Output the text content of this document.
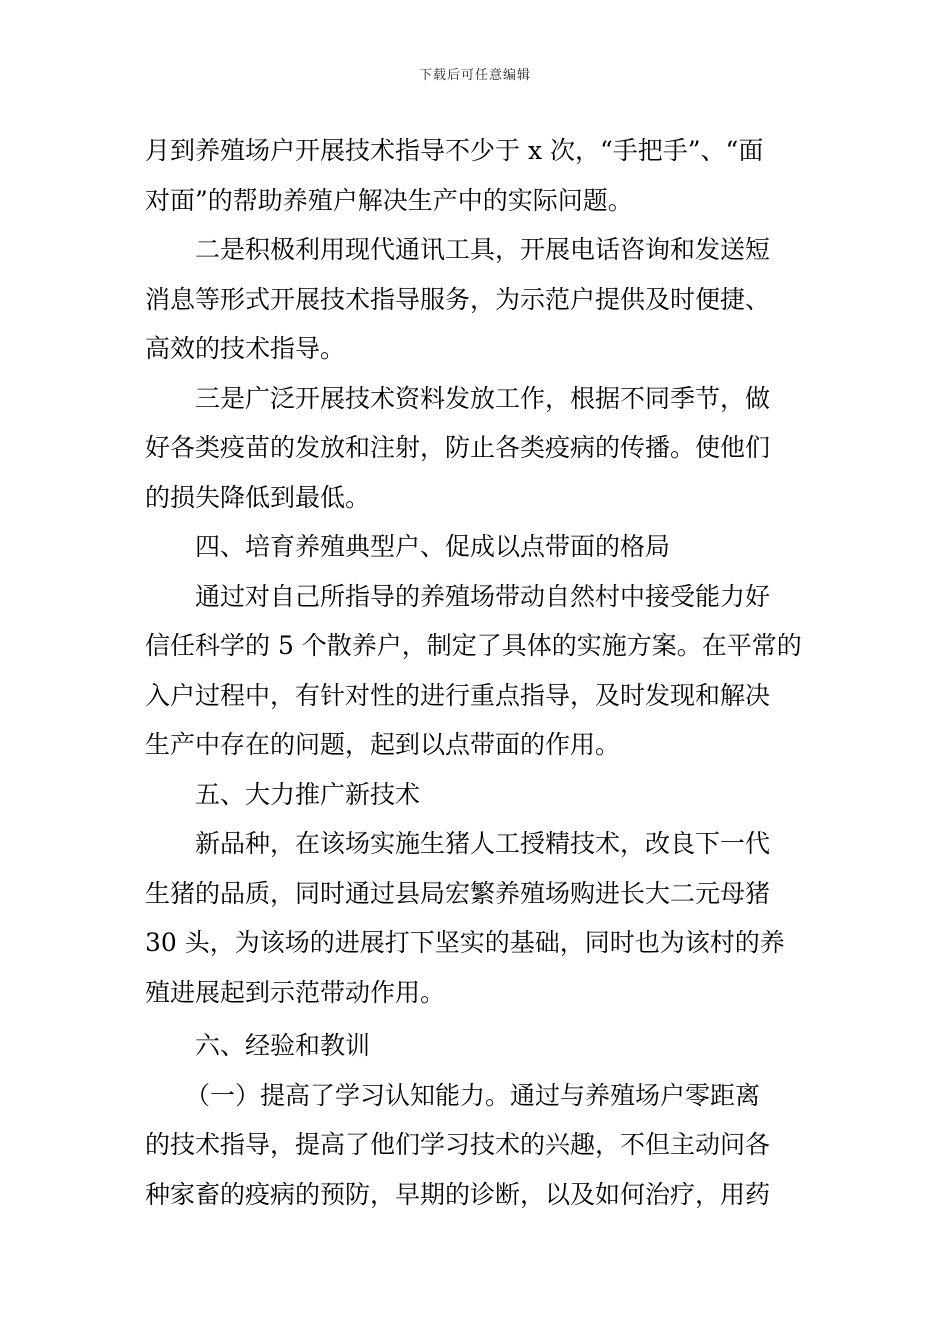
下载后可任意编辑
月到养殖场户开展技术指导不少于 x 次，“手把手”、“面
对面”的帮助养殖户解决生产中的实际问题。
二是积极利用现代通讯工具，开展电话咨询和发送短
消息等形式开展技术指导服务，为示范户提供及时便捷、
高效的技术指导。
三是广泛开展技术资料发放工作，根据不同季节，做
好各类疫苗的发放和注射，防止各类疫病的传播。使他们
的损失降低到最低。
四、培育养殖典型户、促成以点带面的格局
通过对自己所指导的养殖场带动自然村中接受能力好
信任科学的 5 个散养户，制定了具体的实施方案。在平常的
入户过程中，有针对性的进行重点指导，及时发现和解决
生产中存在的问题，起到以点带面的作用。
五、大力推广新技术
新品种，在该场实施生猪人工授精技术，改良下一代
生猪的品质，同时通过县局宏繁养殖场购进长大二元母猪
30 头，为该场的进展打下坚实的基础，同时也为该村的养
殖进展起到示范带动作用。
六、经验和教训
（一）提高了学习认知能力。通过与养殖场户零距离
的技术指导，提高了他们学习技术的兴趣，不但主动问各
种家畜的疫病的预防，早期的诊断，以及如何治疗，用药
